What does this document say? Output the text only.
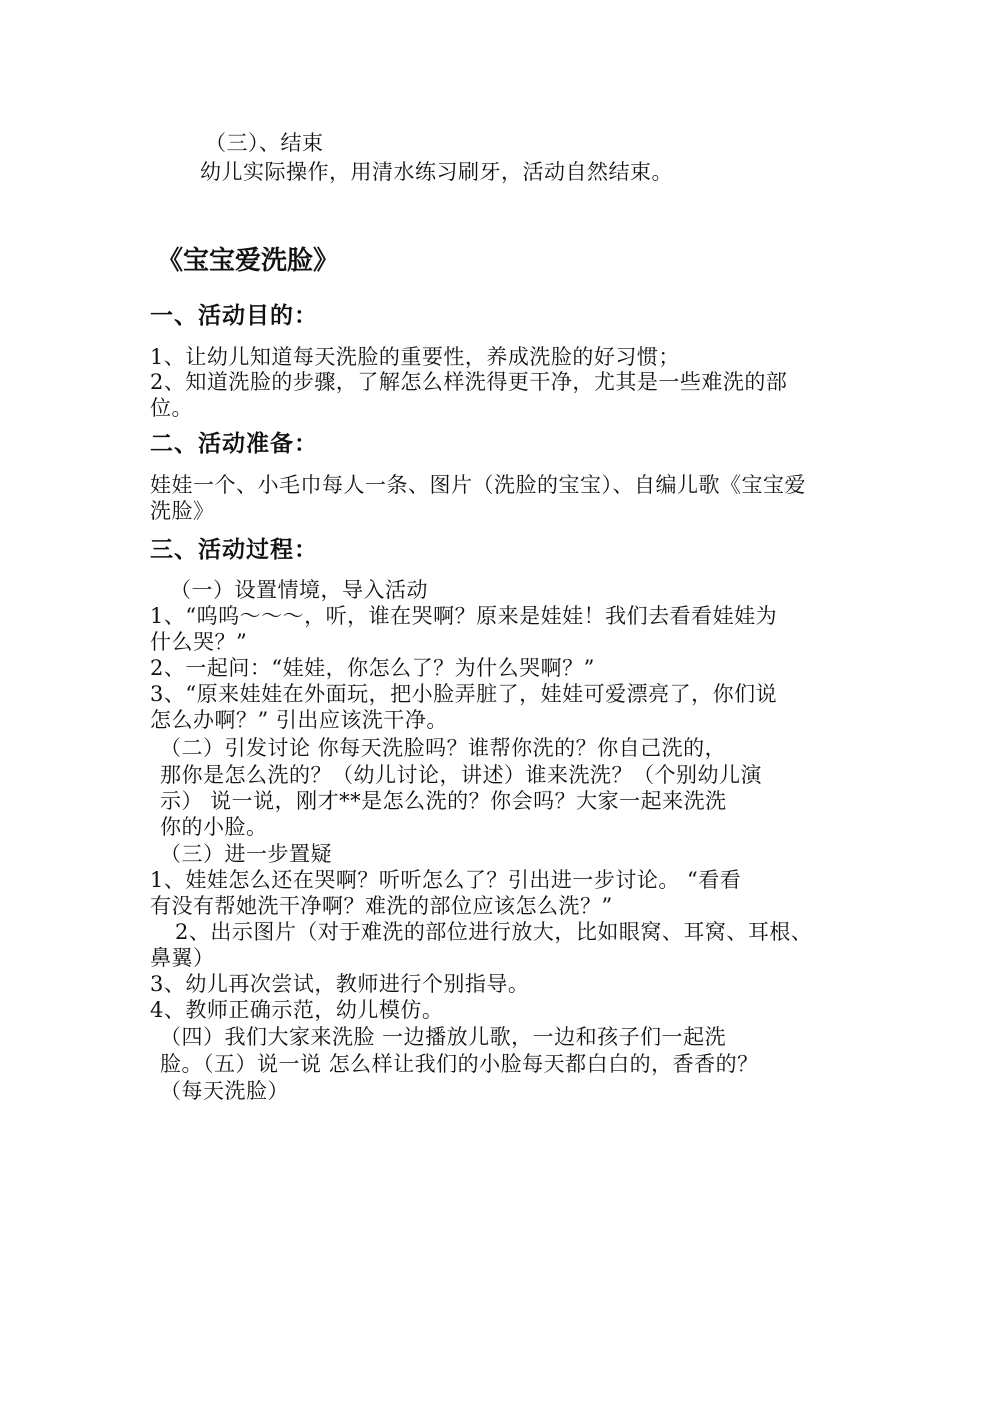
（三）、结束
幼儿实际操作，用清水练习刷牙，活动自然结束。
《宝宝爱洗脸》
一、活动目的：
1、让幼儿知道每天洗脸的重要性，养成洗脸的好习惯；
2、知道洗脸的步骤，了解怎么样洗得更干净，尤其是一些难洗的部
位。
二、活动准备：
娃娃一个、小毛巾每人一条、图片（洗脸的宝宝）、自编儿歌《宝宝爱
洗脸》
三、活动过程：
（一）设置情境，导入活动
1、“呜呜～～～，听，谁在哭啊？原来是娃娃！我们去看看娃娃为
什么哭？”
2、一起问：“娃娃，你怎么了？为什么哭啊？”
3、“原来娃娃在外面玩，把小脸弄脏了，娃娃可爱漂亮了，你们说
怎么办啊？” 引出应该洗干净。
（二）引发讨论 你每天洗脸吗？谁帮你洗的？你自己洗的，
那你是怎么洗的？（幼儿讨论，讲述）谁来洗洗？（个别幼儿演
示） 说一说，刚才**是怎么洗的？你会吗？大家一起来洗洗
你的小脸。
（三）进一步置疑
1、娃娃怎么还在哭啊？听听怎么了？引出进一步讨论。 “看看
有没有帮她洗干净啊？难洗的部位应该怎么洗？”
2、出示图片（对于难洗的部位进行放大，比如眼窝、耳窝、耳根、
鼻翼）
3、幼儿再次尝试，教师进行个别指导。
4、教师正确示范，幼儿模仿。
（四）我们大家来洗脸 一边播放儿歌，一边和孩子们一起洗
脸。（五）说一说 怎么样让我们的小脸每天都白白的，香香的？
（每天洗脸）
